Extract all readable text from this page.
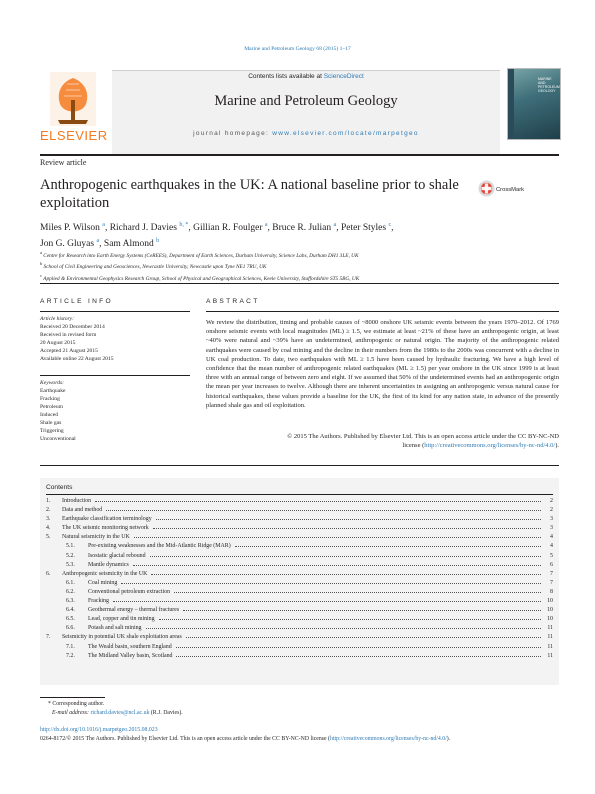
Marine and Petroleum Geology 68 (2015) 1–17
ELSEVIER
Contents lists available at ScienceDirect
Marine and Petroleum Geology
journal homepage: www.elsevier.com/locate/marpetgeo
MARINE AND PETROLEUM GEOLOGY
Review article
Anthropogenic earthquakes in the UK: A national baseline prior to shale exploitation
CrossMark
Miles P. Wilson $^a$, Richard J. Davies $^{b, *}$, Gillian R. Foulger $^a$, Bruce R. Julian $^a$, Peter Styles $^c$,
Jon G. Gluyas $^a$, Sam Almond $^b$
$^a$ Centre for Research into Earth Energy Systems (CeREES), Department of Earth Sciences, Durham University, Science Labs, Durham DH1 3LE, UK
$^b$ School of Civil Engineering and Geosciences, Newcastle University, Newcastle upon Tyne NE1 7RU, UK
$^c$ Applied & Environmental Geophysics Research Group, School of Physical and Geographical Sciences, Keele University, Staffordshire ST5 5BG, UK
ARTICLE INFO
Article history:
Received 20 December 2014
Received in revised form
20 August 2015
Accepted 21 August 2015
Available online 22 August 2015
Keywords:
Earthquake
Fracking
Petroleum
Induced
Shale gas
Triggering
Unconventional
ABSTRACT
We review the distribution, timing and probable causes of ~8000 onshore UK seismic events between the years 1970–2012. Of 1769 onshore seismic events with local magnitudes (ML) ≥ 1.5, we estimate at least ~21% of these have an anthropogenic origin, at least ~40% were natural and ~39% have an undetermined, anthropogenic or natural origin. The majority of the anthropogenic related earthquakes were caused by coal mining and the decline in their numbers from the 1980s to the 2000s was concurrent with a decline in UK coal production. To date, two earthquakes with ML ≥ 1.5 have been caused by hydraulic fracturing. We have a high level of confidence that the mean number of anthropogenic related earthquakes (ML ≥ 1.5) per year onshore in the UK since 1999 is at least three with an annual range of between zero and eight. If we assumed that 50% of the undetermined events had an anthropogenic origin the mean per year increases to twelve. Although there are inherent uncertainties in assigning an anthropogenic versus natural cause for historical earthquakes, these values provide a baseline for the UK, the first of its kind for any nation state, in advance of the presently planned shale gas and oil exploitation.
© 2015 The Authors. Published by Elsevier Ltd. This is an open access article under the CC BY-NC-ND
license (http://creativecommons.org/licenses/by-nc-nd/4.0/).
Contents
1.	Introduction	2
2.	Data and method	2
3.	Earthquake classification terminology	3
4.	The UK seismic monitoring network	3
5.	Natural seismicity in the UK	4
5.1.	Pre-existing weaknesses and the Mid-Atlantic Ridge (MAR)	4
5.2.	Isostatic glacial rebound	5
5.3.	Mantle dynamics	6
6.	Anthropogenic seismicity in the UK	7
6.1.	Coal mining	7
6.2.	Conventional petroleum extraction	8
6.3.	Fracking	10
6.4.	Geothermal energy – thermal fractures	10
6.5.	Lead, copper and tin mining	10
6.6.	Potash and salt mining	11
7.	Seismicity in potential UK shale exploitation areas	11
7.1.	The Weald basin, southern England	11
7.2.	The Midland Valley basin, Scotland	11
* Corresponding author.
E-mail address: richard.davies@ncl.ac.uk (R.J. Davies).
http://dx.doi.org/10.1016/j.marpetgeo.2015.08.023
0264-8172/© 2015 The Authors. Published by Elsevier Ltd. This is an open access article under the CC BY-NC-ND license (http://creativecommons.org/licenses/by-nc-nd/4.0/).
